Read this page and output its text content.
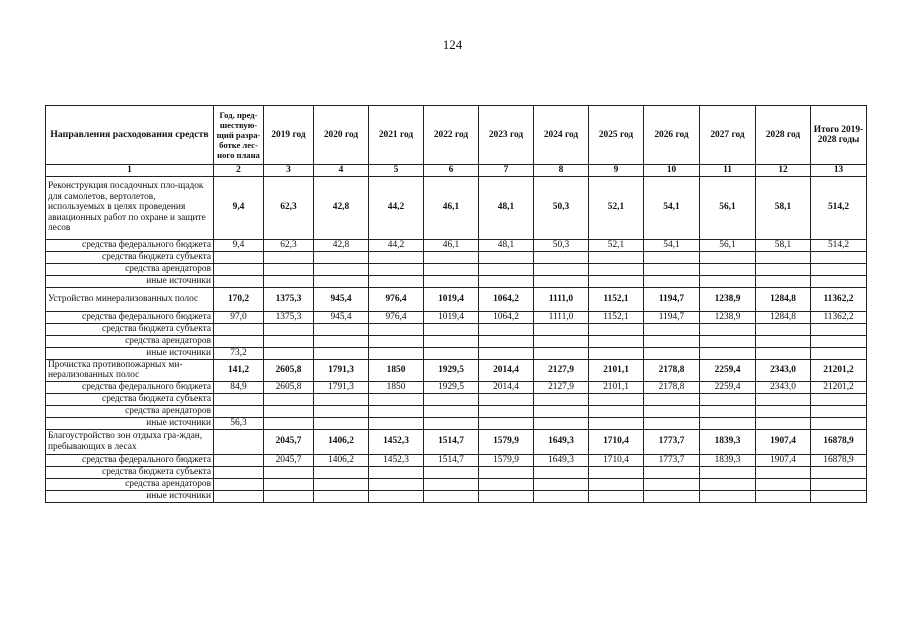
124
Направления расходования средств	Год, пред-шествую-щий разра-ботке лес-ного плана	2019 год	2020 год	2021 год	2022 год	2023 год	2024 год	2025 год	2026 год	2027 год	2028 год	Итого 2019-2028 годы
1	2	3	4	5	6	7	8	9	10	11	12	13
Реконструкция посадочных пло-щадок для самолетов, вертолетов, используемых в целях проведения авиационных работ по охране и защите лесов	9,4	62,3	42,8	44,2	46,1	48,1	50,3	52,1	54,1	56,1	58,1	514,2
средства федерального бюджета	9,4	62,3	42,8	44,2	46,1	48,1	50,3	52,1	54,1	56,1	58,1	514,2
средства бюджета субъекта												
средства арендаторов												
иные источники												
Устройство минерализованных полос	170,2	1375,3	945,4	976,4	1019,4	1064,2	1111,0	1152,1	1194,7	1238,9	1284,8	11362,2
средства федерального бюджета	97,0	1375,3	945,4	976,4	1019,4	1064,2	1111,0	1152,1	1194,7	1238,9	1284,8	11362,2
средства бюджета субъекта												
средства арендаторов												
иные источники	73,2											
Прочистка противопожарных ми-нерализованных полос	141,2	2605,8	1791,3	1850	1929,5	2014,4	2127,9	2101,1	2178,8	2259,4	2343,0	21201,2
средства федерального бюджета	84,9	2605,8	1791,3	1850	1929,5	2014,4	2127,9	2101,1	2178,8	2259,4	2343,0	21201,2
средства бюджета субъекта												
средства арендаторов												
иные источники	56,3											
Благоустройство зон отдыха гра-ждан, пребывающих в лесах		2045,7	1406,2	1452,3	1514,7	1579,9	1649,3	1710,4	1773,7	1839,3	1907,4	16878,9
средства федерального бюджета		2045,7	1406,2	1452,3	1514,7	1579,9	1649,3	1710,4	1773,7	1839,3	1907,4	16878,9
средства бюджета субъекта												
средства арендаторов												
иные источники												
